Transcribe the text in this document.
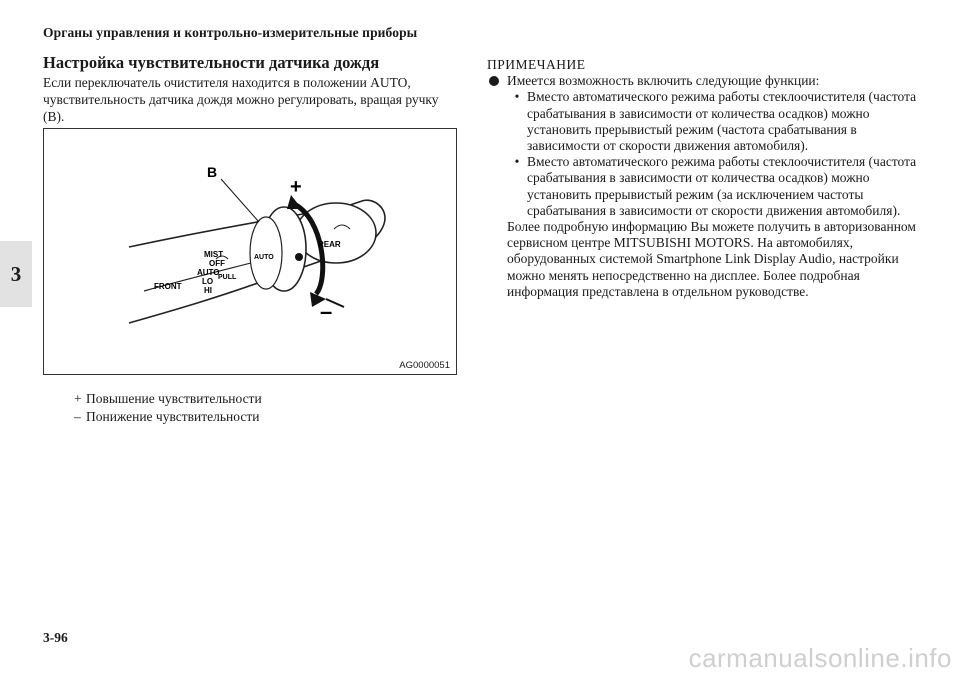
Органы управления и контрольно-измерительные приборы
3
Настройка чувствительности датчика дождя

Если переключатель очистителя находится в положении AUTO, чувствительность датчика дождя можно регулировать, вращая ручку (B).

B
+
–
MIST
OFF
AUTO
LO
HI
FRONT
PULL
AUTO
REAR
AG0000051
+ Повышение чувствительности
– Понижение чувствительности
ПРИМЕЧАНИЕ
Имеется возможность включить следующие функции:
• Вместо автоматического режима работы стеклоочистителя (частота срабатывания в зависимости от количества осадков) можно установить прерывистый режим (частота срабатывания в зависимости от скорости движения автомобиля).
• Вместо автоматического режима работы стеклоочистителя (частота срабатывания в зависимости от количества осадков) можно установить прерывистый режим (за исключением частоты срабатывания в зависимости от скорости движения автомобиля).
Более подробную информацию Вы можете получить в авторизованном сервисном центре MITSUBISHI MOTORS. На автомобилях, оборудованных системой Smartphone Link Display Audio, настройки можно менять непосредственно на дисплее. Более подробная информация представлена в отдельном руководстве.
3-96
carmanualsonline.info
